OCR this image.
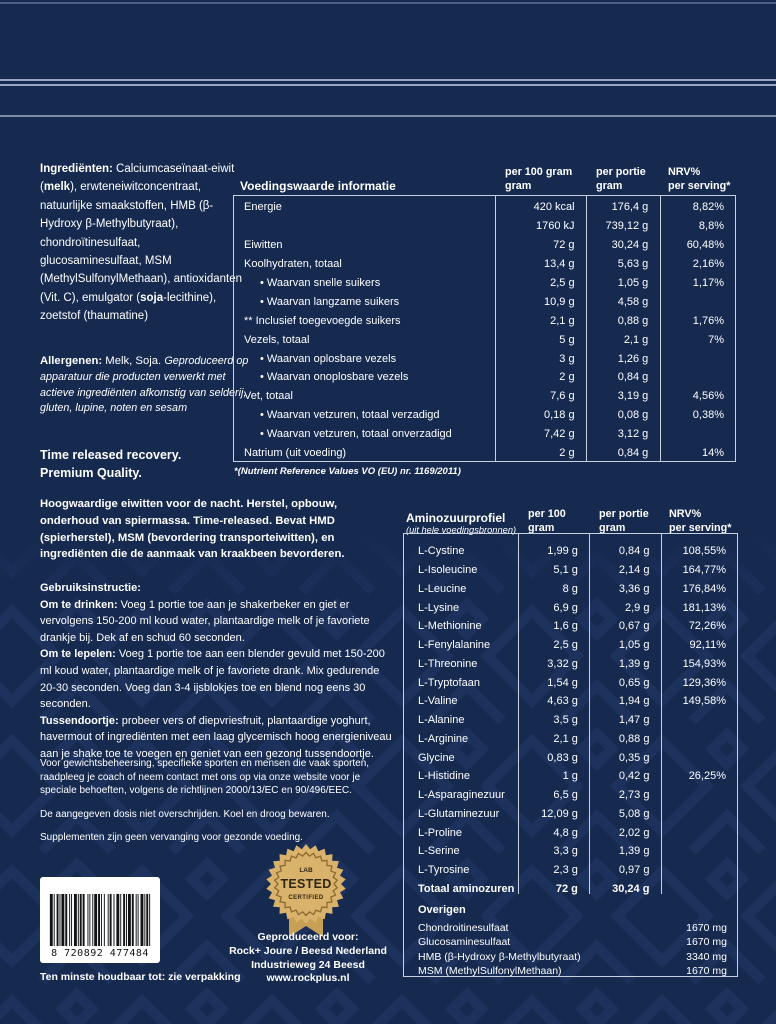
Ingrediënten: Calciumcaseïnaat-eiwit (melk), erwteneiwitconcentraat, natuurlijke smaakstoffen, HMB (β-Hydroxy β-Methylbutyraat), chondroïtinesulfaat, glucosaminesulfaat, MSM (MethylSulfonylMethaan), antioxidanten (Vit. C), emulgator (soja-lecithine), zoetstof (thaumatine)
Allergenen: Melk, Soja. Geproduceerd op apparatuur die producten verwerkt met actieve ingrediënten afkomstig van selderij, gluten, lupine, noten en sesam
Time released recovery.
Premium Quality.
Hoogwaardige eiwitten voor de nacht. Herstel, opbouw, onderhoud van spiermassa. Time-released. Bevat HMD (spierherstel), MSM (bevordering transporteiwitten), en ingrediënten die de aanmaak van kraakbeen bevorderen.

Gebruiksinstructie:

Om te drinken: Voeg 1 portie toe aan je shakerbeker en giet er vervolgens 150-200 ml koud water, plantaardige melk of je favoriete drankje bij. Dek af en schud 60 seconden.

Om te lepelen: Voeg 1 portie toe aan een blender gevuld met 150-200 ml koud water, plantaardige melk of je favoriete drank. Mix gedurende 20-30 seconden. Voeg dan 3-4 ijsblokjes toe en blend nog eens 30 seconden.

Tussendoortje: probeer vers of diepvriesfruit, plantaardige yoghurt, havermout of ingrediënten met een laag glycemisch hoog energieniveau aan je shake toe te voegen en geniet van een gezond tussendoortje.

Voor gewichtsbeheersing, specifieke sporten en mensen die vaak sporten, raadpleeg je coach of neem contact met ons op via onze website voor je speciale behoeften, volgens de richtlijnen 2000/13/EC en 90/496/EEC.

De aangegeven dosis niet overschrijden. Koel en droog bewaren.

Supplementen zijn geen vervanging voor gezonde voeding.

Voedingswaarde informatie
per 100 gram
gram
per portie
gram
NRV%
per serving*
Energie	420 kcal	176,4 g	8,82%
1760 kJ	739,12 g	8,8%
Eiwitten	72 g	30,24 g	60,48%
Koolhydraten, totaal	13,4 g	5,63 g	2,16%
• Waarvan snelle suikers	2,5 g	1,05 g	1,17%
• Waarvan langzame suikers	10,9 g	4,58 g
** Inclusief toegevoegde suikers	2,1 g	0,88 g	1,76%
Vezels, totaal	5 g	2,1 g	7%
• Waarvan oplosbare vezels	3 g	1,26 g
• Waarvan onoplosbare vezels	2 g	0,84 g
Vet, totaal	7,6 g	3,19 g	4,56%
• Waarvan vetzuren, totaal verzadigd	0,18 g	0,08 g	0,38%
• Waarvan vetzuren, totaal onverzadigd	7,42 g	3,12 g
Natrium (uit voeding)	2 g	0,84 g	14%
*(Nutrient Reference Values VO (EU) nr. 1169/2011)
Aminozuurprofiel
(uit hele voedingsbronnen)
per 100
gram
per portie
gram
NRV%
per serving*
L-Cystine	1,99 g	0,84 g	108,55%
L-Isoleucine	5,1 g	2,14 g	164,77%
L-Leucine	8 g	3,36 g	176,84%
L-Lysine	6,9 g	2,9 g	181,13%
L-Methionine	1,6 g	0,67 g	72,26%
L-Fenylalanine	2,5 g	1,05 g	92,11%
L-Threonine	3,32 g	1,39 g	154,93%
L-Tryptofaan	1,54 g	0,65 g	129,36%
L-Valine	4,63 g	1,94 g	149,58%
L-Alanine	3,5 g	1,47 g
L-Arginine	2,1 g	0,88 g
Glycine	0,83 g	0,35 g
L-Histidine	1 g	0,42 g	26,25%
L-Asparaginezuur	6,5 g	2,73 g
L-Glutaminezuur	12,09 g	5,08 g
L-Proline	4,8 g	2,02 g
L-Serine	3,3 g	1,39 g
L-Tyrosine	2,3 g	0,97 g
Totaal aminozuren	72 g	30,24 g
Overigen
Chondroitinesulfaat	1670 mg
Glucosaminesulfaat	1670 mg
HMB (β-Hydroxy β-Methylbutyraat)	3340 mg
MSM (MethylSulfonylMethaan)	1670 mg
8 720892 477484
Ten minste houdbaar tot: zie verpakking
LAB
TESTED
CERTIFIED
Geproduceerd voor:
Rock+ Joure / Beesd Nederland
Industrieweg 24 Beesd
www.rockplus.nl
